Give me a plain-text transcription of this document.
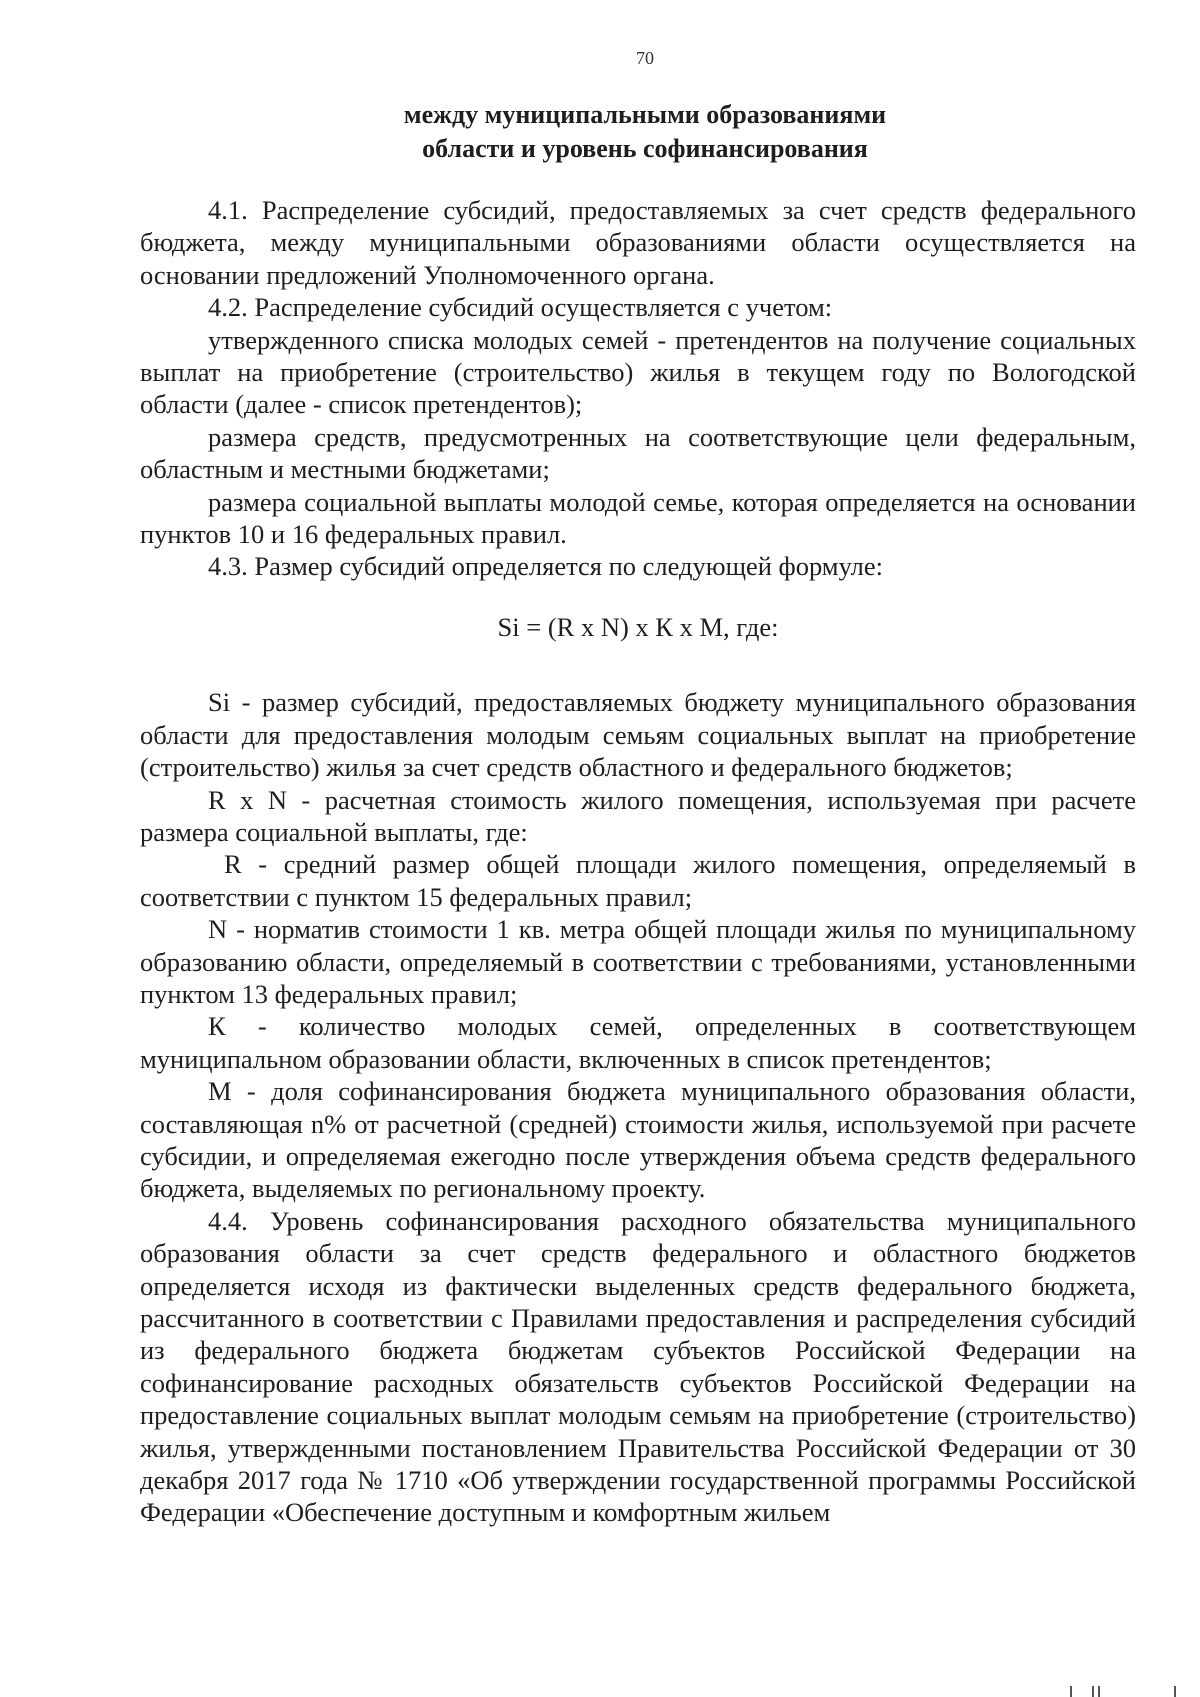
70
между муниципальными образованиями
области и уровень софинансирования

4.1. Распределение субсидий, предоставляемых за счет средств федерального бюджета, между муниципальными образованиями области осуществляется на основании предложений Уполномоченного органа.

4.2. Распределение субсидий осуществляется с учетом:

утвержденного списка молодых семей - претендентов на получение социальных выплат на приобретение (строительство) жилья в текущем году по Вологодской области (далее - список претендентов);

размера средств, предусмотренных на соответствующие цели федеральным, областным и местными бюджетами;

размера социальной выплаты молодой семье, которая определяется на основании пунктов 10 и 16 федеральных правил.

4.3. Размер субсидий определяется по следующей формуле:

Si = (R x N) x К x М, где:

Si - размер субсидий, предоставляемых бюджету муниципального образования области для предоставления молодым семьям социальных выплат на приобретение (строительство) жилья за счет средств областного и федерального бюджетов;

R x N - расчетная стоимость жилого помещения, используемая при расчете размера социальной выплаты, где:

R - средний размер общей площади жилого помещения, определяемый в соответствии с пунктом 15 федеральных правил;

N - норматив стоимости 1 кв. метра общей площади жилья по муниципальному образованию области, определяемый в соответствии с требованиями, установленными пунктом 13 федеральных правил;

К - количество молодых семей, определенных в соответствующем муниципальном образовании области, включенных в список претендентов;

М - доля софинансирования бюджета муниципального образования области, составляющая n% от расчетной (средней) стоимости жилья, используемой при расчете субсидии, и определяемая ежегодно после утверждения объема средств федерального бюджета, выделяемых по региональному проекту.

4.4. Уровень софинансирования расходного обязательства муниципального образования области за счет средств федерального и областного бюджетов определяется исходя из фактически выделенных средств федерального бюджета, рассчитанного в соответствии с Правилами предоставления и распределения субсидий из федерального бюджета бюджетам субъектов Российской Федерации на софинансирование расходных обязательств субъектов Российской Федерации на предоставление социальных выплат молодым семьям на приобретение (строительство) жилья, утвержденными постановлением Правительства Российской Федерации от 30 декабря 2017 года № 1710 «Об утверждении государственной программы Российской Федерации «Обеспечение доступным и комфортным жильем
